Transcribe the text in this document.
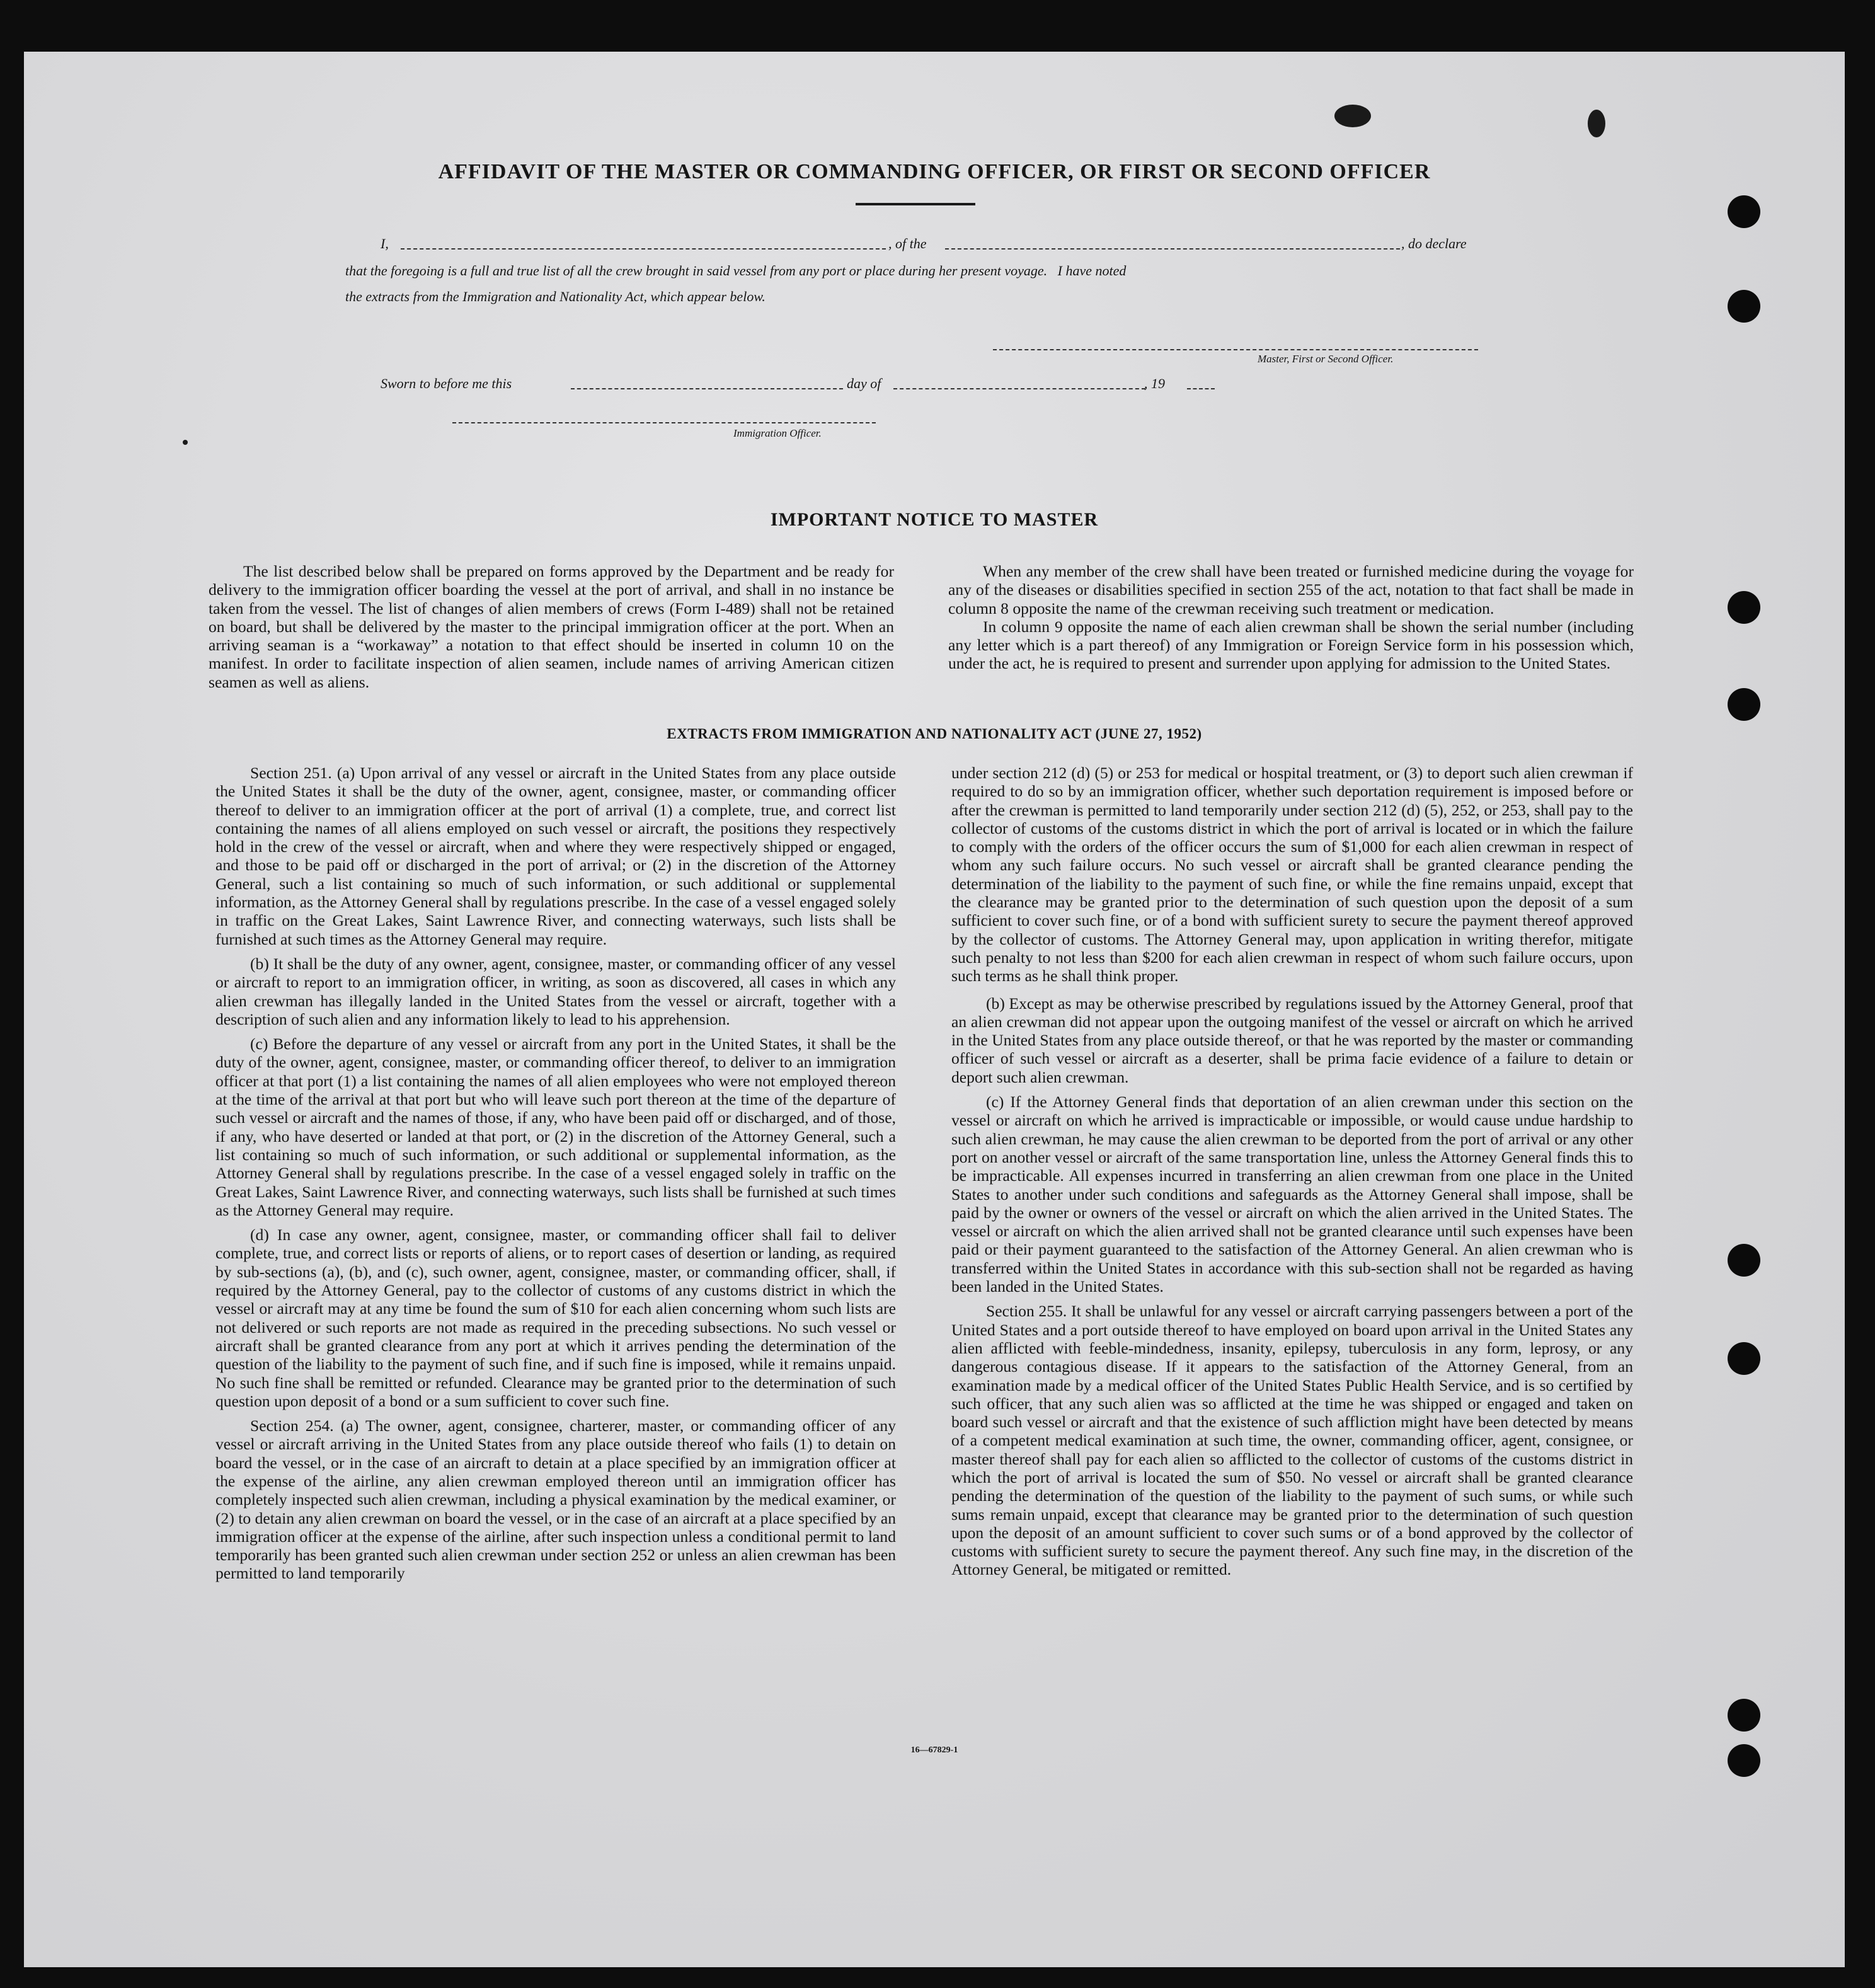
AFFIDAVIT OF THE MASTER OR COMMANDING OFFICER, OR FIRST OR SECOND OFFICER
I,	, of the	, do declare
that the foregoing is a full and true list of all the crew brought in said vessel from any port or place during her present voyage.   I have noted
the extracts from the Immigration and Nationality Act, which appear below.
Master, First or Second Officer.
Sworn to before me this	day of	, 19
Immigration Officer.
IMPORTANT NOTICE TO MASTER

The list described below shall be prepared on forms approved by the Department and be ready for delivery to the immigration officer boarding the vessel at the port of arrival, and shall in no instance be taken from the vessel. The list of changes of alien members of crews (Form I-489) shall not be retained on board, but shall be delivered by the master to the principal immigration officer at the port. When an arriving seaman is a “workaway” a notation to that effect should be inserted in column 10 on the manifest. In order to facilitate inspection of alien seamen, include names of arriving American citizen seamen as well as aliens.

When any member of the crew shall have been treated or furnished medicine during the voyage for any of the diseases or disabilities specified in section 255 of the act, notation to that fact shall be made in column 8 opposite the name of the crewman receiving such treatment or medication.

In column 9 opposite the name of each alien crewman shall be shown the serial number (including any letter which is a part thereof) of any Immigration or Foreign Service form in his possession which, under the act, he is required to present and surrender upon applying for admission to the United States.

EXTRACTS FROM IMMIGRATION AND NATIONALITY ACT (JUNE 27, 1952)

Section 251. (a) Upon arrival of any vessel or aircraft in the United States from any place outside the United States it shall be the duty of the owner, agent, consignee, master, or commanding officer thereof to deliver to an immigration officer at the port of arrival (1) a complete, true, and correct list containing the names of all aliens employed on such vessel or aircraft, the positions they respectively hold in the crew of the vessel or aircraft, when and where they were respectively shipped or engaged, and those to be paid off or discharged in the port of arrival; or (2) in the discretion of the Attorney General, such a list containing so much of such information, or such additional or supplemental information, as the Attorney General shall by regulations prescribe. In the case of a vessel engaged solely in traffic on the Great Lakes, Saint Lawrence River, and connecting waterways, such lists shall be furnished at such times as the Attorney General may require.

(b) It shall be the duty of any owner, agent, consignee, master, or commanding officer of any vessel or aircraft to report to an immigration officer, in writing, as soon as discovered, all cases in which any alien crewman has illegally landed in the United States from the vessel or aircraft, together with a description of such alien and any information likely to lead to his apprehension.

(c) Before the departure of any vessel or aircraft from any port in the United States, it shall be the duty of the owner, agent, consignee, master, or commanding officer thereof, to deliver to an immigration officer at that port (1) a list containing the names of all alien employees who were not employed thereon at the time of the arrival at that port but who will leave such port thereon at the time of the departure of such vessel or aircraft and the names of those, if any, who have been paid off or discharged, and of those, if any, who have deserted or landed at that port, or (2) in the discretion of the Attorney General, such a list containing so much of such information, or such additional or supplemental information, as the Attorney General shall by regulations prescribe. In the case of a vessel engaged solely in traffic on the Great Lakes, Saint Lawrence River, and connecting waterways, such lists shall be furnished at such times as the Attorney General may require.

(d) In case any owner, agent, consignee, master, or commanding officer shall fail to deliver complete, true, and correct lists or reports of aliens, or to report cases of desertion or landing, as required by sub-sections (a), (b), and (c), such owner, agent, consignee, master, or commanding officer, shall, if required by the Attorney General, pay to the collector of customs of any customs district in which the vessel or aircraft may at any time be found the sum of $10 for each alien concerning whom such lists are not delivered or such reports are not made as required in the preceding subsections. No such vessel or aircraft shall be granted clearance from any port at which it arrives pending the determination of the question of the liability to the payment of such fine, and if such fine is imposed, while it remains unpaid. No such fine shall be remitted or refunded. Clearance may be granted prior to the determination of such question upon deposit of a bond or a sum sufficient to cover such fine.

Section 254. (a) The owner, agent, consignee, charterer, master, or commanding officer of any vessel or aircraft arriving in the United States from any place outside thereof who fails (1) to detain on board the vessel, or in the case of an aircraft to detain at a place specified by an immigration officer at the expense of the airline, any alien crewman employed thereon until an immigration officer has completely inspected such alien crewman, including a physical examination by the medical examiner, or (2) to detain any alien crewman on board the vessel, or in the case of an aircraft at a place specified by an immigration officer at the expense of the airline, after such inspection unless a conditional permit to land temporarily has been granted such alien crewman under section 252 or unless an alien crewman has been permitted to land temporarily

under section 212 (d) (5) or 253 for medical or hospital treatment, or (3) to deport such alien crewman if required to do so by an immigration officer, whether such deportation requirement is imposed before or after the crewman is permitted to land temporarily under section 212 (d) (5), 252, or 253, shall pay to the collector of customs of the customs district in which the port of arrival is located or in which the failure to comply with the orders of the officer occurs the sum of $1,000 for each alien crewman in respect of whom any such failure occurs. No such vessel or aircraft shall be granted clearance pending the determination of the liability to the payment of such fine, or while the fine remains unpaid, except that the clearance may be granted prior to the determination of such question upon the deposit of a sum sufficient to cover such fine, or of a bond with sufficient surety to secure the payment thereof approved by the collector of customs. The Attorney General may, upon application in writing therefor, mitigate such penalty to not less than $200 for each alien crewman in respect of whom such failure occurs, upon such terms as he shall think proper.

(b) Except as may be otherwise prescribed by regulations issued by the Attorney General, proof that an alien crewman did not appear upon the outgoing manifest of the vessel or aircraft on which he arrived in the United States from any place outside thereof, or that he was reported by the master or commanding officer of such vessel or aircraft as a deserter, shall be prima facie evidence of a failure to detain or deport such alien crewman.

(c) If the Attorney General finds that deportation of an alien crewman under this section on the vessel or aircraft on which he arrived is impracticable or impossible, or would cause undue hardship to such alien crewman, he may cause the alien crewman to be deported from the port of arrival or any other port on another vessel or aircraft of the same transportation line, unless the Attorney General finds this to be impracticable. All expenses incurred in transferring an alien crewman from one place in the United States to another under such conditions and safeguards as the Attorney General shall impose, shall be paid by the owner or owners of the vessel or aircraft on which the alien arrived in the United States. The vessel or aircraft on which the alien arrived shall not be granted clearance until such expenses have been paid or their payment guaranteed to the satisfaction of the Attorney General. An alien crewman who is transferred within the United States in accordance with this sub-section shall not be regarded as having been landed in the United States.

Section 255. It shall be unlawful for any vessel or aircraft carrying passengers between a port of the United States and a port outside thereof to have employed on board upon arrival in the United States any alien afflicted with feeble-mindedness, insanity, epilepsy, tuberculosis in any form, leprosy, or any dangerous contagious disease. If it appears to the satisfaction of the Attorney General, from an examination made by a medical officer of the United States Public Health Service, and is so certified by such officer, that any such alien was so afflicted at the time he was shipped or engaged and taken on board such vessel or aircraft and that the existence of such affliction might have been detected by means of a competent medical examination at such time, the owner, commanding officer, agent, consignee, or master thereof shall pay for each alien so afflicted to the collector of customs of the customs district in which the port of arrival is located the sum of $50. No vessel or aircraft shall be granted clearance pending the determination of the question of the liability to the payment of such sums, or while such sums remain unpaid, except that clearance may be granted prior to the determination of such question upon the deposit of an amount sufficient to cover such sums or of a bond approved by the collector of customs with sufficient surety to secure the payment thereof. Any such fine may, in the discretion of the Attorney General, be mitigated or remitted.

16—67829-1
